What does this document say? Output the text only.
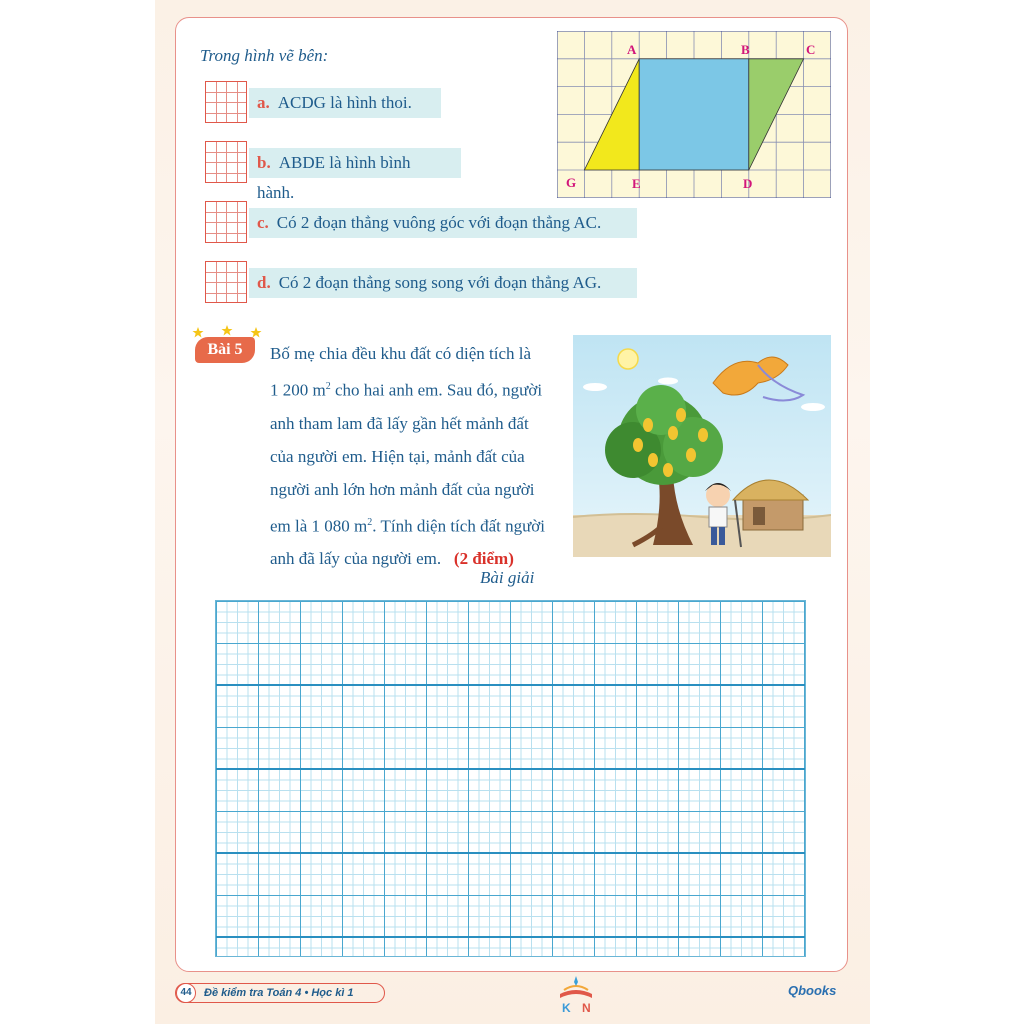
Trong hình vẽ bên:
a. ACDG là hình thoi.
b. ABDE là hình bình hành.
c. Có 2 đoạn thẳng vuông góc với đoạn thẳng AC.
d. Có 2 đoạn thẳng song song với đoạn thẳng AG.
A	B	C
G	E	D
Bài 5	Bố mẹ chia đều khu đất có diện tích là

1 200 $m^2$ cho hai anh em. Sau đó, người

anh tham lam đã lấy gần hết mảnh đất

của người em. Hiện tại, mảnh đất của

người anh lớn hơn mảnh đất của người

em là 1 080 $m^2$. Tính diện tích đất người

anh đã lấy của người em. (2 điểm)

Bài giải
44	Đề kiểm tra Toán 4 • Học kì 1
K N
Qbooks
